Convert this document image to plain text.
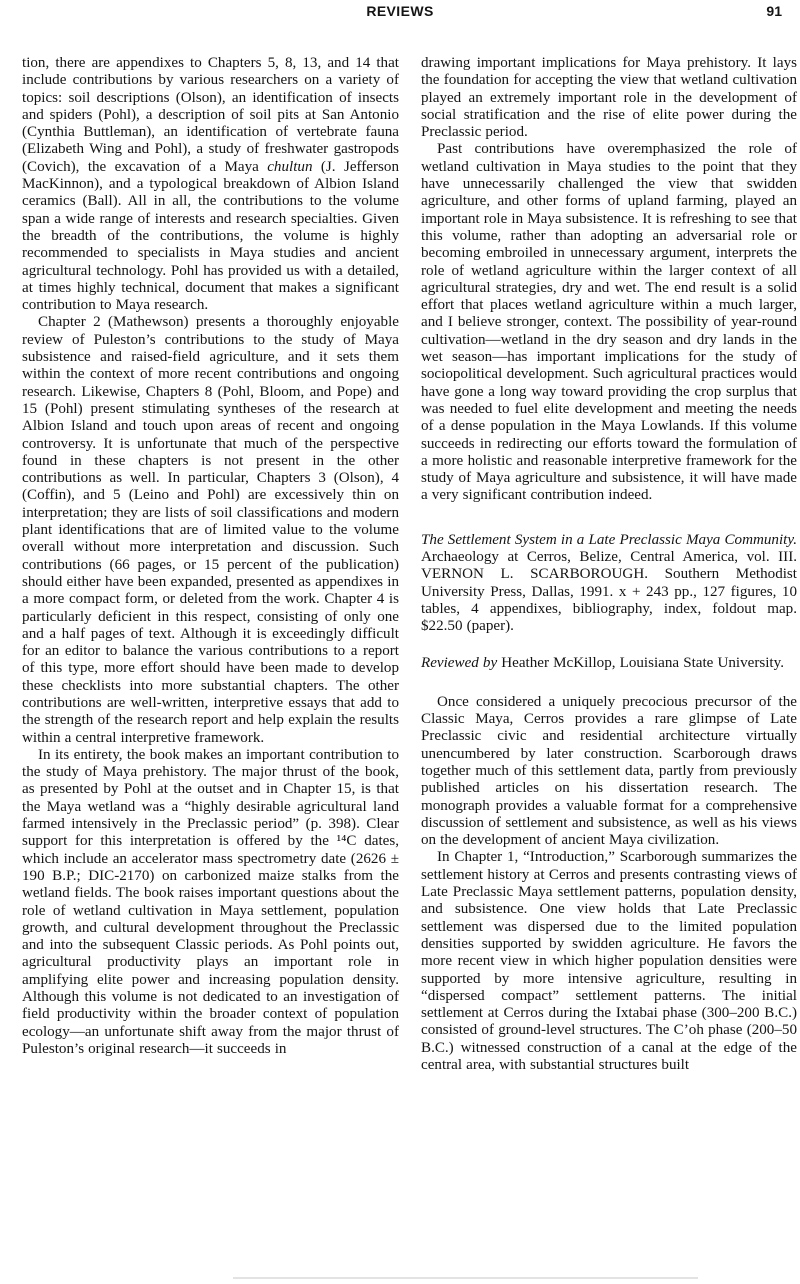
REVIEWS	91

tion, there are appendixes to Chapters 5, 8, 13, and 14 that include contributions by various researchers on a variety of topics: soil descriptions (Olson), an identification of insects and spiders (Pohl), a description of soil pits at San Antonio (Cynthia Buttleman), an identification of vertebrate fauna (Elizabeth Wing and Pohl), a study of freshwater gastropods (Covich), the excavation of a Maya chultun (J. Jefferson MacKinnon), and a typological breakdown of Albion Island ceramics (Ball). All in all, the contributions to the volume span a wide range of interests and research specialties. Given the breadth of the contributions, the volume is highly recommended to specialists in Maya studies and ancient agricultural technology. Pohl has provided us with a detailed, at times highly technical, document that makes a significant contribution to Maya research.

Chapter 2 (Mathewson) presents a thoroughly enjoyable review of Puleston’s contributions to the study of Maya subsistence and raised-field agriculture, and it sets them within the context of more recent contributions and ongoing research. Likewise, Chapters 8 (Pohl, Bloom, and Pope) and 15 (Pohl) present stimulating syntheses of the research at Albion Island and touch upon areas of recent and ongoing controversy. It is unfortunate that much of the perspective found in these chapters is not present in the other contributions as well. In particular, Chapters 3 (Olson), 4 (Coffin), and 5 (Leino and Pohl) are excessively thin on interpretation; they are lists of soil classifications and modern plant identifications that are of limited value to the volume overall without more interpretation and discussion. Such contributions (66 pages, or 15 percent of the publication) should either have been expanded, presented as appendixes in a more compact form, or deleted from the work. Chapter 4 is particularly deficient in this respect, consisting of only one and a half pages of text. Although it is exceedingly difficult for an editor to balance the various contributions to a report of this type, more effort should have been made to develop these checklists into more substantial chapters. The other contributions are well-written, interpretive essays that add to the strength of the research report and help explain the results within a central interpretive framework.

In its entirety, the book makes an important contribution to the study of Maya prehistory. The major thrust of the book, as presented by Pohl at the outset and in Chapter 15, is that the Maya wetland was a “highly desirable agricultural land farmed intensively in the Preclassic period” (p. 398). Clear support for this interpretation is offered by the ¹⁴C dates, which include an accelerator mass spectrometry date (2626 ± 190 B.P.; DIC-2170) on carbonized maize stalks from the wetland fields. The book raises important questions about the role of wetland cultivation in Maya settlement, population growth, and cultural development throughout the Preclassic and into the subsequent Classic periods. As Pohl points out, agricultural productivity plays an important role in amplifying elite power and increasing population density. Although this volume is not dedicated to an investigation of field productivity within the broader context of population ecology—an unfortunate shift away from the major thrust of Puleston’s original research—it succeeds in

drawing important implications for Maya prehistory. It lays the foundation for accepting the view that wetland cultivation played an extremely important role in the development of social stratification and the rise of elite power during the Preclassic period.

Past contributions have overemphasized the role of wetland cultivation in Maya studies to the point that they have unnecessarily challenged the view that swidden agriculture, and other forms of upland farming, played an important role in Maya subsistence. It is refreshing to see that this volume, rather than adopting an adversarial role or becoming embroiled in unnecessary argument, interprets the role of wetland agriculture within the larger context of all agricultural strategies, dry and wet. The end result is a solid effort that places wetland agriculture within a much larger, and I believe stronger, context. The possibility of year-round cultivation—wetland in the dry season and dry lands in the wet season—has important implications for the study of sociopolitical development. Such agricultural practices would have gone a long way toward providing the crop surplus that was needed to fuel elite development and meeting the needs of a dense population in the Maya Lowlands. If this volume succeeds in redirecting our efforts toward the formulation of a more holistic and reasonable interpretive framework for the study of Maya agriculture and subsistence, it will have made a very significant contribution indeed.

The Settlement System in a Late Preclassic Maya Community. Archaeology at Cerros, Belize, Central America, vol. III. VERNON L. SCARBOROUGH. Southern Methodist University Press, Dallas, 1991. x + 243 pp., 127 figures, 10 tables, 4 appendixes, bibliography, index, foldout map. $22.50 (paper).

Reviewed by Heather McKillop, Louisiana State University.

Once considered a uniquely precocious precursor of the Classic Maya, Cerros provides a rare glimpse of Late Preclassic civic and residential architecture virtually unencumbered by later construction. Scarborough draws together much of this settlement data, partly from previously published articles on his dissertation research. The monograph provides a valuable format for a comprehensive discussion of settlement and subsistence, as well as his views on the development of ancient Maya civilization.

In Chapter 1, “Introduction,” Scarborough summarizes the settlement history at Cerros and presents contrasting views of Late Preclassic Maya settlement patterns, population density, and subsistence. One view holds that Late Preclassic settlement was dispersed due to the limited population densities supported by swidden agriculture. He favors the more recent view in which higher population densities were supported by more intensive agriculture, resulting in “dispersed compact” settlement patterns. The initial settlement at Cerros during the Ixtabai phase (300–200 B.C.) consisted of ground-level structures. The C’oh phase (200–50 B.C.) witnessed construction of a canal at the edge of the central area, with substantial structures built
